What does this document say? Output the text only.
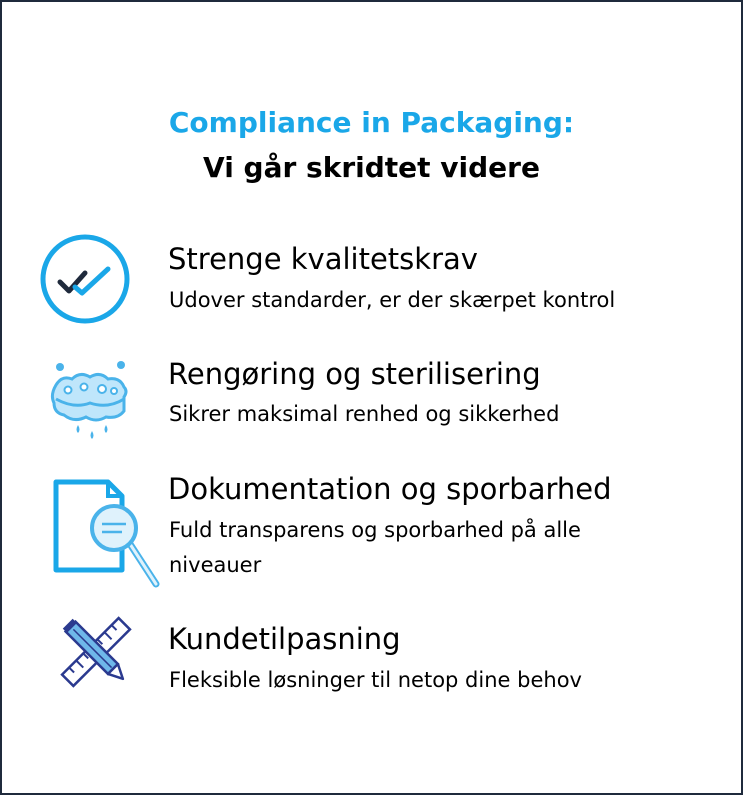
Compliance in Packaging:
Vi går skridtet videre
Strenge kvalitetskrav
Udover standarder, er der skærpet kontrol
Rengøring og sterilisering
Sikrer maksimal renhed og sikkerhed
Dokumentation og sporbarhed
Fuld transparens og sporbarhed på alle
niveauer
Kundetilpasning
Fleksible løsninger til netop dine behov
